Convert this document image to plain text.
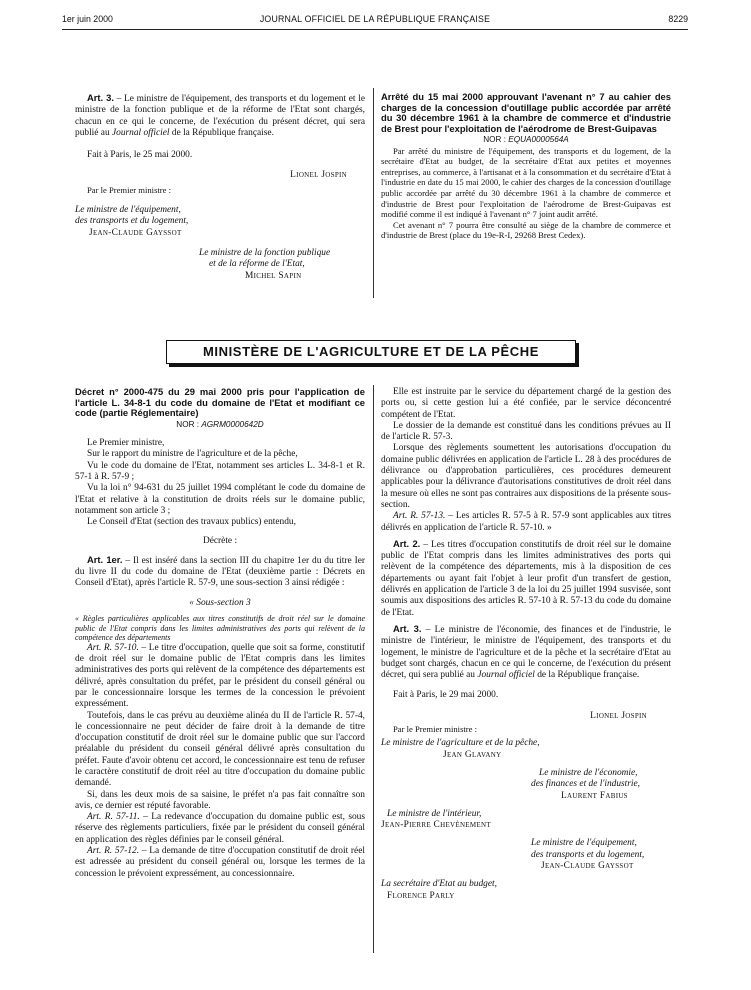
1er juin 2000	JOURNAL OFFICIEL DE LA RÉPUBLIQUE FRANÇAISE	8229

Art. 3. – Le ministre de l'équipement, des transports et du logement et le ministre de la fonction publique et de la réforme de l'Etat sont chargés, chacun en ce qui le concerne, de l'exécution du présent décret, qui sera publié au Journal officiel de la République française.

Fait à Paris, le 25 mai 2000.

Lionel Jospin

Par le Premier ministre :

Le ministre de l'équipement,

des transports et du logement,

Jean-Claude Gayssot

Le ministre de la fonction publique

et de la réforme de l'Etat,

Michel Sapin

Arrêté du 15 mai 2000 approuvant l'avenant n° 7 au cahier des charges de la concession d'outillage public accordée par arrêté du 30 décembre 1961 à la chambre de commerce et d'industrie de Brest pour l'exploitation de l'aérodrome de Brest-Guipavas

NOR : EQUA0000564A

Par arrêté du ministre de l'équipement, des transports et du logement, de la secrétaire d'Etat au budget, de la secrétaire d'Etat aux petites et moyennes entreprises, au commerce, à l'artisanat et à la consommation et du secrétaire d'Etat à l'industrie en date du 15 mai 2000, le cahier des charges de la concession d'outillage public accordée par arrêté du 30 décembre 1961 à la chambre de commerce et d'industrie de Brest pour l'exploitation de l'aérodrome de Brest-Guipavas est modifié comme il est indiqué à l'avenant n° 7 joint audit arrêté.

Cet avenant n° 7 pourra être consulté au siège de la chambre de commerce et d'industrie de Brest (place du 19e-R-I, 29268 Brest Cedex).

MINISTÈRE DE L'AGRICULTURE ET DE LA PÊCHE

Décret n° 2000-475 du 29 mai 2000 pris pour l'application de l'article L. 34-8-1 du code du domaine de l'Etat et modifiant ce code (partie Réglementaire)

NOR : AGRM0000642D

Le Premier ministre,

Sur le rapport du ministre de l'agriculture et de la pêche,

Vu le code du domaine de l'Etat, notamment ses articles L. 34-8-1 et R. 57-1 à R. 57-9 ;

Vu la loi n° 94-631 du 25 juillet 1994 complétant le code du domaine de l'Etat et relative à la constitution de droits réels sur le domaine public, notamment son article 3 ;

Le Conseil d'Etat (section des travaux publics) entendu,

Décrète :

Art. 1er. – Il est inséré dans la section III du chapitre 1er du du titre Ier du livre II du code du domaine de l'Etat (deuxième partie : Décrets en Conseil d'Etat), après l'article R. 57-9, une sous-section 3 ainsi rédigée :

« Sous-section 3

« Règles particulières applicables aux titres constitutifs de droit réel sur le domaine public de l'Etat compris dans les limites administratives des ports qui relèvent de la compétence des départements

Art. R. 57-10. – Le titre d'occupation, quelle que soit sa forme, constitutif de droit réel sur le domaine public de l'Etat compris dans les limites administratives des ports qui relèvent de la compétence des départements est délivré, après consultation du préfet, par le président du conseil général ou par le concessionnaire lorsque les termes de la concession le prévoient expressément.

Toutefois, dans le cas prévu au deuxième alinéa du II de l'article R. 57-4, le concessionnaire ne peut décider de faire droit à la demande de titre d'occupation constitutif de droit réel sur le domaine public que sur l'accord préalable du président du conseil général délivré après consultation du préfet. Faute d'avoir obtenu cet accord, le concessionnaire est tenu de refuser le caractère constitutif de droit réel au titre d'occupation du domaine public demandé.

Si, dans les deux mois de sa saisine, le préfet n'a pas fait connaître son avis, ce dernier est réputé favorable.

Art. R. 57-11. – La redevance d'occupation du domaine public est, sous réserve des règlements particuliers, fixée par le président du conseil général en application des règles définies par le conseil général.

Art. R. 57-12. – La demande de titre d'occupation constitutif de droit réel est adressée au président du conseil général ou, lorsque les termes de la concession le prévoient expressément, au concessionnaire.

Elle est instruite par le service du département chargé de la gestion des ports ou, si cette gestion lui a été confiée, par le service déconcentré compétent de l'Etat.

Le dossier de la demande est constitué dans les conditions prévues au II de l'article R. 57-3.

Lorsque des règlements soumettent les autorisations d'occupation du domaine public délivrées en application de l'article L. 28 à des procédures de délivrance ou d'approbation particulières, ces procédures demeurent applicables pour la délivrance d'autorisations constitutives de droit réel dans la mesure où elles ne sont pas contraires aux dispositions de la présente sous-section.

Art. R. 57-13. – Les articles R. 57-5 à R. 57-9 sont applicables aux titres délivrés en application de l'article R. 57-10. »

Art. 2. – Les titres d'occupation constitutifs de droit réel sur le domaine public de l'Etat compris dans les limites administratives des ports qui relèvent de la compétence des départements, mis à la disposition de ces départements ou ayant fait l'objet à leur profit d'un transfert de gestion, délivrés en application de l'article 3 de la loi du 25 juillet 1994 susvisée, sont soumis aux dispositions des articles R. 57-10 à R. 57-13 du code du domaine de l'Etat.

Art. 3. – Le ministre de l'économie, des finances et de l'industrie, le ministre de l'intérieur, le ministre de l'équipement, des transports et du logement, le ministre de l'agriculture et de la pêche et la secrétaire d'Etat au budget sont chargés, chacun en ce qui le concerne, de l'exécution du présent décret, qui sera publié au Journal officiel de la République française.

Fait à Paris, le 29 mai 2000.

Lionel Jospin

Par le Premier ministre :

Le ministre de l'agriculture et de la pêche,

Jean Glavany

Le ministre de l'économie,

des finances et de l'industrie,

Laurent Fabius

Le ministre de l'intérieur,

Jean-Pierre Chevènement

Le ministre de l'équipement,

des transports et du logement,

Jean-Claude Gayssot

La secrétaire d'Etat au budget,

Florence Parly
